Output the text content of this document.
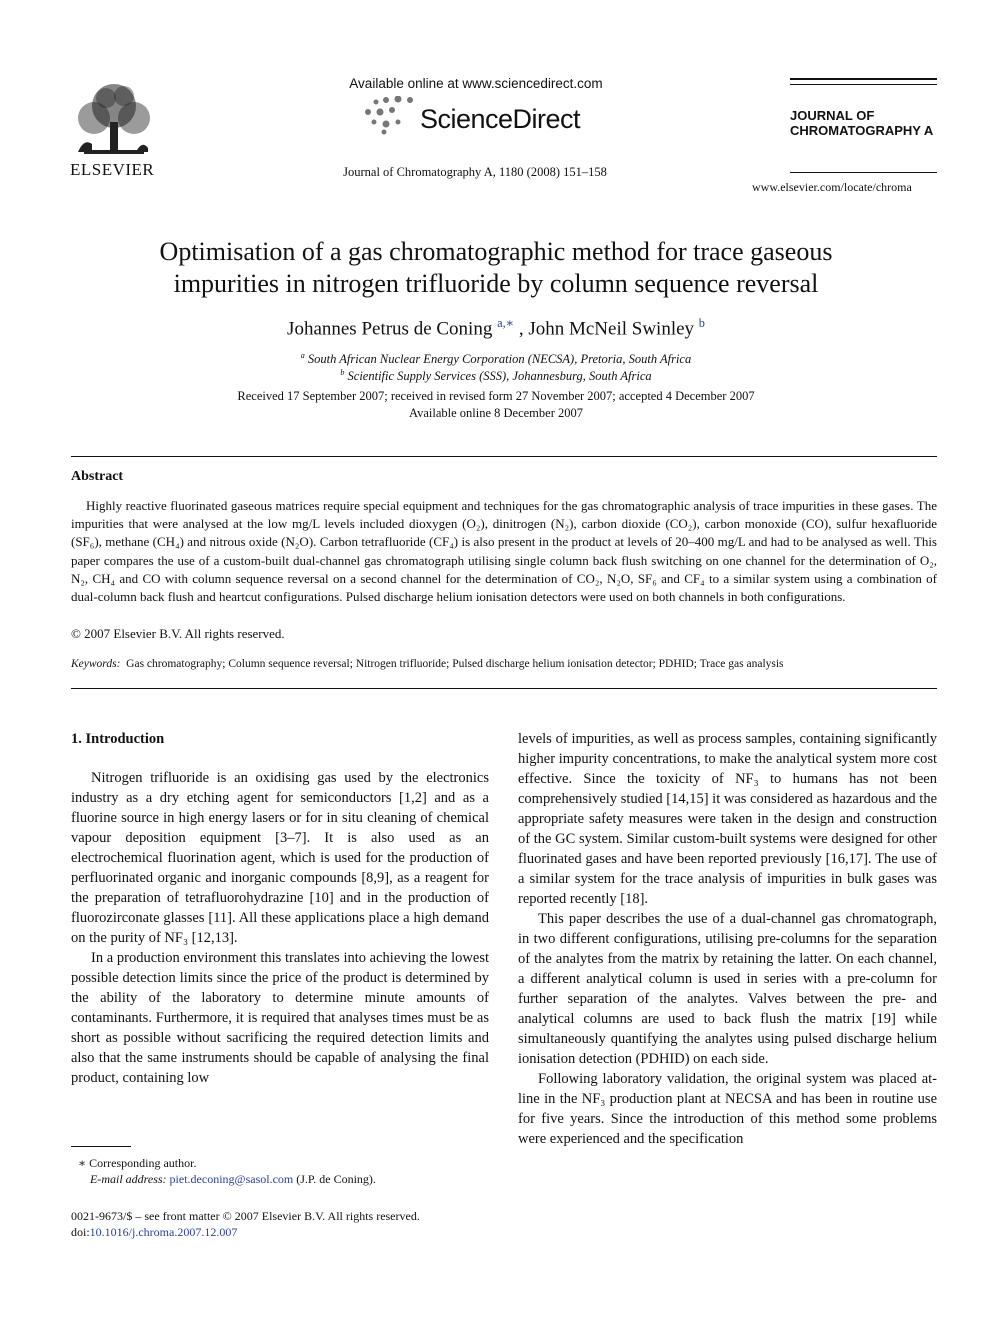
ELSEVIER
Available online at www.sciencedirect.com
ScienceDirect
Journal of Chromatography A, 1180 (2008) 151–158
JOURNAL OF
CHROMATOGRAPHY A
www.elsevier.com/locate/chroma
Optimisation of a gas chromatographic method for trace gaseous
impurities in nitrogen trifluoride by column sequence reversal
Johannes Petrus de Coning $^{a,∗}$ , John McNeil Swinley $^b$
$^a$ South African Nuclear Energy Corporation (NECSA), Pretoria, South Africa
$^b$ Scientific Supply Services (SSS), Johannesburg, South Africa
Received 17 September 2007; received in revised form 27 November 2007; accepted 4 December 2007
Available online 8 December 2007
Abstract
Highly reactive fluorinated gaseous matrices require special equipment and techniques for the gas chromatographic analysis of trace impurities in these gases. The impurities that were analysed at the low mg/L levels included dioxygen (O₂), dinitrogen (N₂), carbon dioxide (CO₂), carbon monoxide (CO), sulfur hexafluoride (SF₆), methane (CH₄) and nitrous oxide (N₂O). Carbon tetrafluoride (CF₄) is also present in the product at levels of 20–400 mg/L and had to be analysed as well. This paper compares the use of a custom-built dual-channel gas chromatograph utilising single column back flush switching on one channel for the determination of O₂, N₂, CH₄ and CO with column sequence reversal on a second channel for the determination of CO₂, N₂O, SF₆ and CF₄ to a similar system using a combination of dual-column back flush and heartcut configurations. Pulsed discharge helium ionisation detectors were used on both channels in both configurations.
© 2007 Elsevier B.V. All rights reserved.
Keywords: Gas chromatography; Column sequence reversal; Nitrogen trifluoride; Pulsed discharge helium ionisation detector; PDHID; Trace gas analysis
1. Introduction

Nitrogen trifluoride is an oxidising gas used by the electronics industry as a dry etching agent for semiconductors [1,2] and as a fluorine source in high energy lasers or for in situ cleaning of chemical vapour deposition equipment [3–7]. It is also used as an electrochemical fluorination agent, which is used for the production of perfluorinated organic and inorganic compounds [8,9], as a reagent for the preparation of tetrafluorohydrazine [10] and in the production of fluorozirconate glasses [11]. All these applications place a high demand on the purity of NF₃ [12,13].

In a production environment this translates into achieving the lowest possible detection limits since the price of the product is determined by the ability of the laboratory to determine minute amounts of contaminants. Furthermore, it is required that analyses times must be as short as possible without sacrificing the required detection limits and also that the same instruments should be capable of analysing the final product, containing low

levels of impurities, as well as process samples, containing significantly higher impurity concentrations, to make the analytical system more cost effective. Since the toxicity of NF₃ to humans has not been comprehensively studied [14,15] it was considered as hazardous and the appropriate safety measures were taken in the design and construction of the GC system. Similar custom-built systems were designed for other fluorinated gases and have been reported previously [16,17]. The use of a similar system for the trace analysis of impurities in bulk gases was reported recently [18].

This paper describes the use of a dual-channel gas chromatograph, in two different configurations, utilising pre-columns for the separation of the analytes from the matrix by retaining the latter. On each channel, a different analytical column is used in series with a pre-column for further separation of the analytes. Valves between the pre- and analytical columns are used to back flush the matrix [19] while simultaneously quantifying the analytes using pulsed discharge helium ionisation detection (PDHID) on each side.

Following laboratory validation, the original system was placed at-line in the NF₃ production plant at NECSA and has been in routine use for five years. Since the introduction of this method some problems were experienced and the specification

∗ Corresponding author.
E-mail address: piet.deconing@sasol.com (J.P. de Coning).
0021-9673/$ – see front matter © 2007 Elsevier B.V. All rights reserved.
doi:10.1016/j.chroma.2007.12.007
